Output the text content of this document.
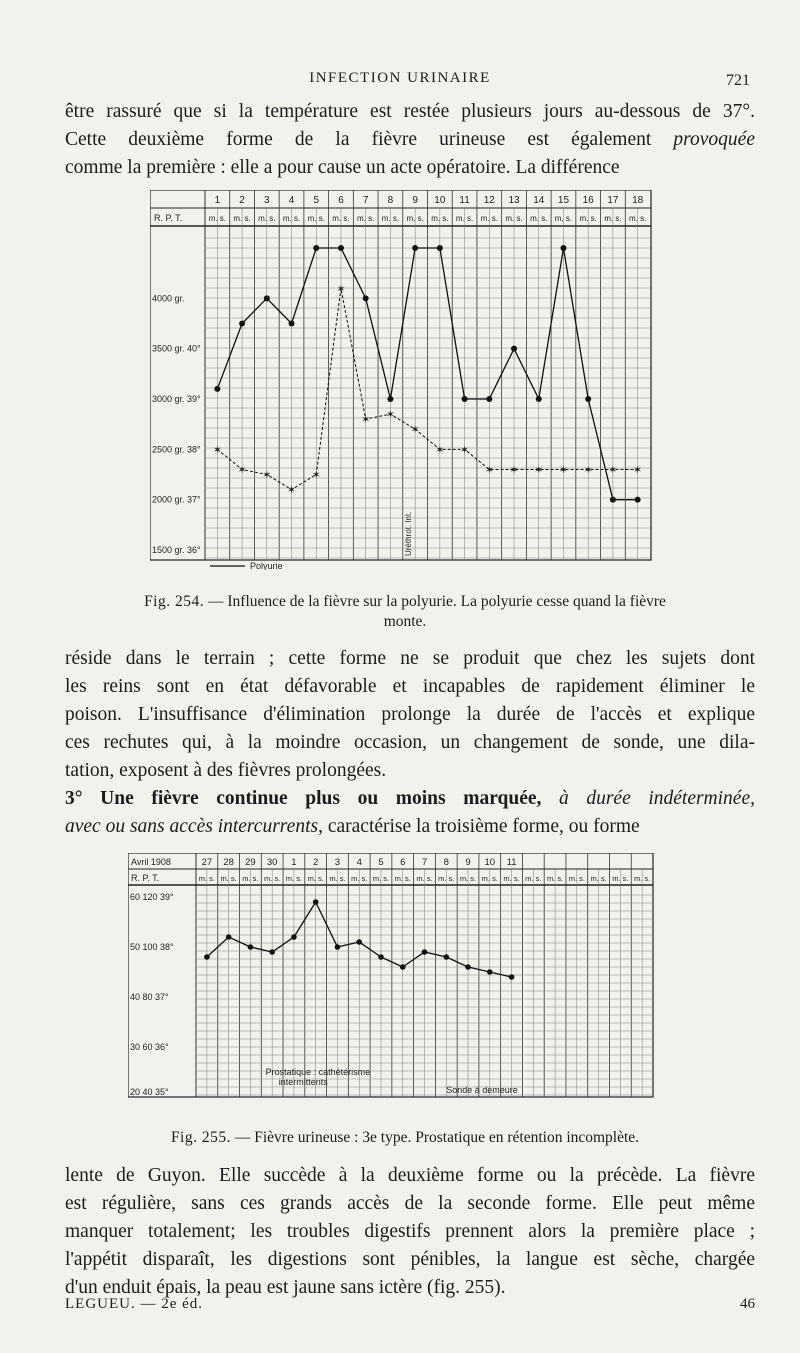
INFECTION URINAIRE	721

être rassuré que si la température est restée plusieurs jours au-dessous de 37°.
Cette deuxième forme de la fièvre urineuse est également provoquée
comme la première : elle a pour cause un acte opératoire. La différence

R. P. T.
1
m. s.
2
m. s.
3
m. s.
4
m. s.
5
m. s.
6
m. s.
7
m. s.
8
m. s.
9
m. s.
10
m. s.
11
m. s.
12
m. s.
13
m. s.
14
m. s.
15
m. s.
16
m. s.
17
m. s.
18
m. s.
4000 gr.
3500 gr. 40°
3000 gr. 39°
2500 gr. 38°
2000 gr. 37°
1500 gr. 36°
✶
✶ ✶
✶
✶
✶
✶ ✶
✶
✶ ✶
✶ ✶ ✶ ✶ ✶ ✶ ✶
Uréthrot. Int.
Polyurie
Fig. 254. — Influence de la fièvre sur la polyurie. La polyurie cesse quand la fièvre
monte.

réside dans le terrain ; cette forme ne se produit que chez les sujets dont
les reins sont en état défavorable et incapables de rapidement éliminer le
poison. L'insuffisance d'élimination prolonge la durée de l'accès et explique
ces rechutes qui, à la moindre occasion, un changement de sonde, une dila-
tation, exposent à des fièvres prolongées.

3° Une fièvre continue plus ou moins marquée, à durée indéterminée,
avec ou sans accès intercurrents, caractérise la troisième forme, ou forme

Avril 1908
R. P. T.	m. s.
27
m. s.
28
m. s.
29
m. s.
30
m. s.
1
m. s.
2
m. s.
3
m. s.
4
m. s.
5
m. s.
6
m. s.
7
m. s.
8
m. s.
9
m. s.
10
m. s.
11
m. s. m. s. m. s. m. s. m. s. m. s.
60 120 39°
50 100 38°
40 80 37°
30 60 36°
20 40 35°
Prostatique : cathétérisme
intermittents
Sonde à demeure
Fig. 255. — Fièvre urineuse : 3e type. Prostatique en rétention incomplète.

lente de Guyon. Elle succède à la deuxième forme ou la précède. La fièvre
est régulière, sans ces grands accès de la seconde forme. Elle peut même
manquer totalement; les troubles digestifs prennent alors la première place ;
l'appétit disparaît, les digestions sont pénibles, la langue est sèche, chargée
d'un enduit épais, la peau est jaune sans ictère (fig. 255).

LEGUEU. — 2e éd.	46
